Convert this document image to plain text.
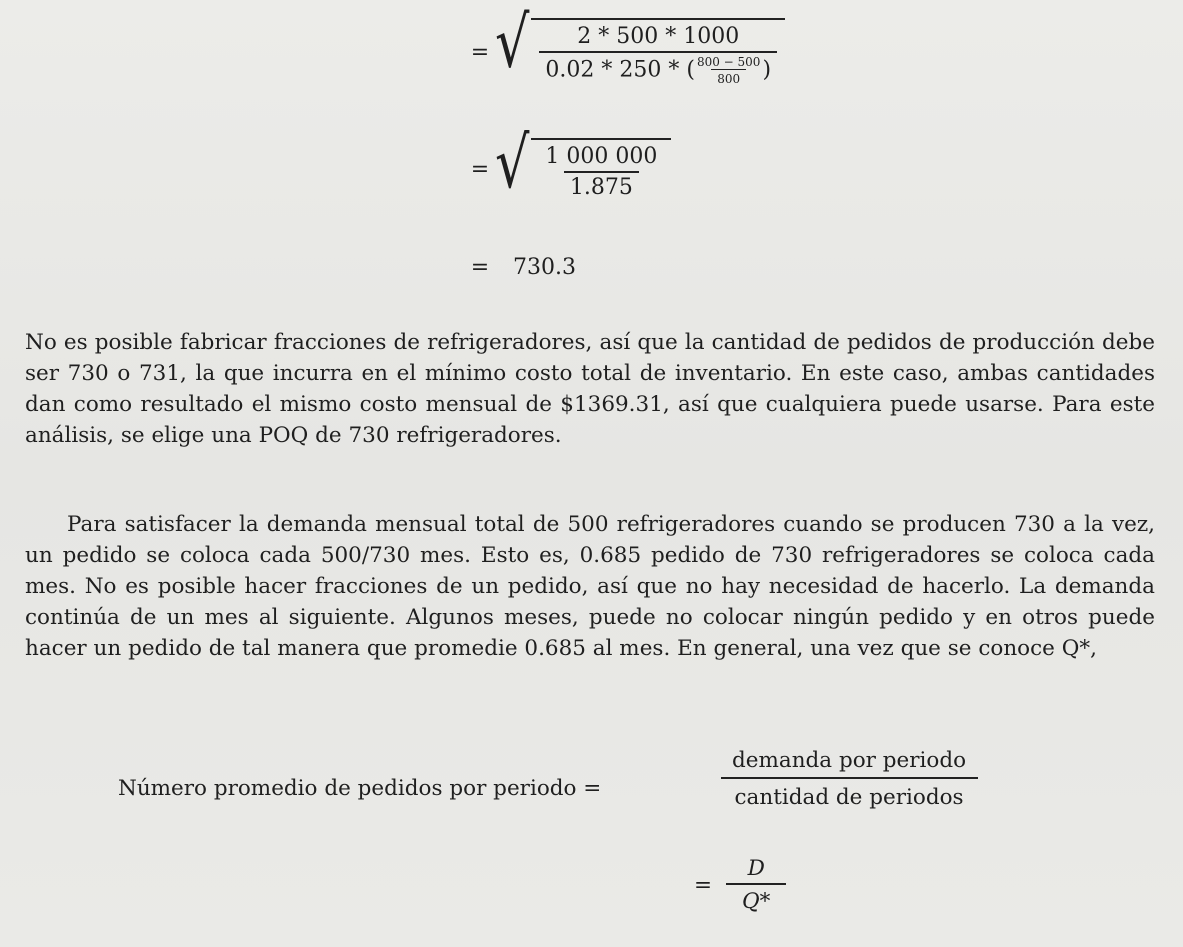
= √ $\frac{2 * 500 * 1000}{0.02 * 250 * ( \frac{800 - 500}{800} )}$
= √ $\frac{1 000 000}{1.875}$
= 730.3

No es posible fabricar fracciones de refrigeradores, así que la cantidad de pedidos de producción debe ser 730 o 731, la que incurra en el mínimo costo total de inventario. En este caso, ambas cantidades dan como resultado el mismo costo mensual de $1369.31, así que cualquiera puede usarse. Para este análisis, se elige una POQ de 730 refrigeradores.

Para satisfacer la demanda mensual total de 500 refrigeradores cuando se producen 730 a la vez, un pedido se coloca cada 500/730 mes. Esto es, 0.685 pedido de 730 refrigeradores se coloca cada mes. No es posible hacer fracciones de un pedido, así que no hay necesidad de hacerlo. La demanda continúa de un mes al siguiente. Algunos meses, puede no colocar ningún pedido y en otros puede hacer un pedido de tal manera que promedie 0.685 al mes. En general, una vez que se conoce Q*,

Número promedio de pedidos por periodo =	$\frac{\text{demanda por periodo}}{\text{cantidad de periodos}}$
= $\frac{D}{Q*}$
